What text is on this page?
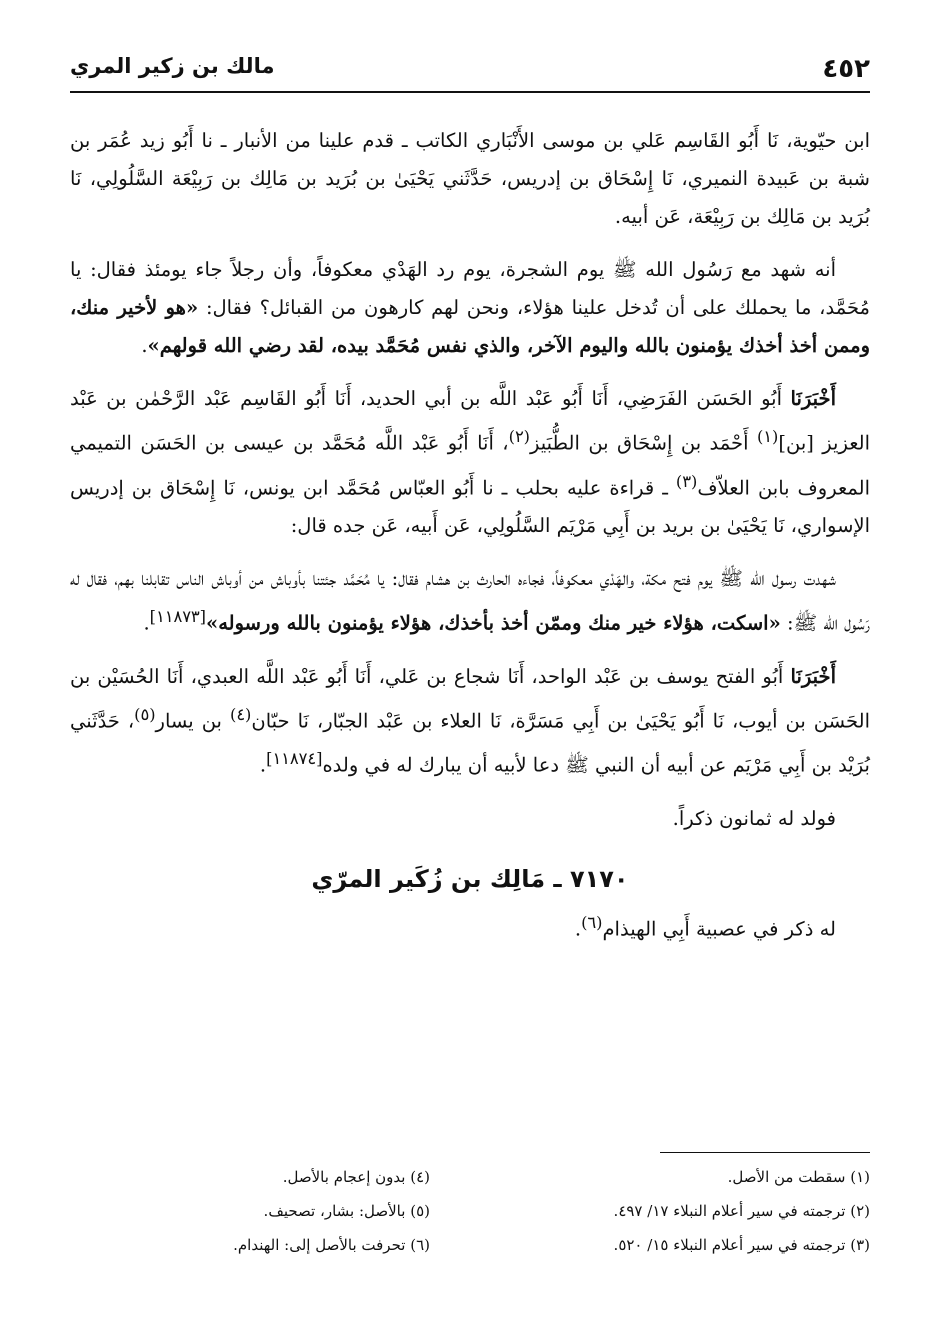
٤٥٢
مالك بن زكير المري

ابن حيّوية، نَا أَبُو القَاسِم عَلي بن موسى الأَنْبَاري الكاتب ـ قدم علينا من الأنبار ـ نا أَبُو زيد عُمَر بن شبة بن عَبيدة النميري، نَا إِسْحَاق بن إدريس، حَدَّثَني يَحْيَىٰ بن بُرَيد بن مَالِك بن رَبِيْعَة السَّلُولِي، نَا بُرَيد بن مَالِك بن رَبِيْعَة، عَن أبيه.

أنه شهد مع رَسُول الله ﷺ يوم الشجرة، يوم رد الهَدْي معكوفاً، وأن رجلاً جاء يومئذ فقال: يا مُحَمَّد، ما يحملك على أن تُدخل علينا هؤلاء، ونحن لهم كارهون من القبائل؟ فقال: «هو لأخير منك، وممن أخذ أخذك يؤمنون بالله واليوم الآخر، والذي نفس مُحَمَّد بيده، لقد رضي الله قولهم».

أَخْبَرَنَا أَبُو الحَسَن الفَرَضِي، أَنَا أَبُو عَبْد اللَّه بن أبي الحديد، أَنَا أَبُو القَاسِم عَبْد الرَّحْمٰن بن عَبْد العزيز [بن]$^{(١)}$ أَحْمَد بن إِسْحَاق بن الطُّبَيز$^{(٢)}$، أَنَا أَبُو عَبْد اللَّه مُحَمَّد بن عيسى بن الحَسَن التميمي المعروف بابن العلاّف$^{(٣)}$ ـ قراءة عليه بحلب ـ نا أَبُو العبّاس مُحَمَّد ابن يونس، نَا إِسْحَاق بن إدريس الإسواري، نَا يَحْيَىٰ بن بريد بن أَبِي مَرْيَم السَّلُولِي، عَن أَبيه، عَن جده قال:

شهدت رسول الله ﷺ يوم فتح مكة، والهَدْي معكوفاً، فجاءه الحارث بن هشام فقال: يا مُحَمَّد جئتنا بأوباش من أوباش الناس تقابلنا بهم، فقال له رَسُول الله ﷺ: «اسكت، هؤلاء خير منك وممّن أخذ بأخذك، هؤلاء يؤمنون بالله ورسوله»[١١٨٧٣].

أَخْبَرَنَا أَبُو الفتح يوسف بن عَبْد الواحد، أَنَا شجاع بن عَلي، أَنَا أَبُو عَبْد اللَّه العبدي، أَنَا الحُسَيْن بن الحَسَن بن أيوب، نَا أَبُو يَحْيَىٰ بن أَبِي مَسَرَّة، نَا العلاء بن عَبْد الجبّار، نَا حبّان$^{(٤)}$ بن يسار$^{(٥)}$، حَدَّثَني بُرَيْد بن أَبِي مَرْيَم عن أبيه أن النبي ﷺ دعا لأبيه أن يبارك له في ولده[١١٨٧٤].

فولد له ثمانون ذكراً.

٧١٧٠ ـ مَالِك بن زُكَير المرّي

له ذكر في عصبية أَبِي الهيذام$^{(٦)}$.

(١) سقطت من الأصل.
(٢) ترجمته في سير أعلام النبلاء ١٧/ ٤٩٧.
(٣) ترجمته في سير أعلام النبلاء ١٥/ ٥٢٠.
(٤) بدون إعجام بالأصل.
(٥) بالأصل: بشار، تصحيف.
(٦) تحرفت بالأصل إلى: الهندام.
